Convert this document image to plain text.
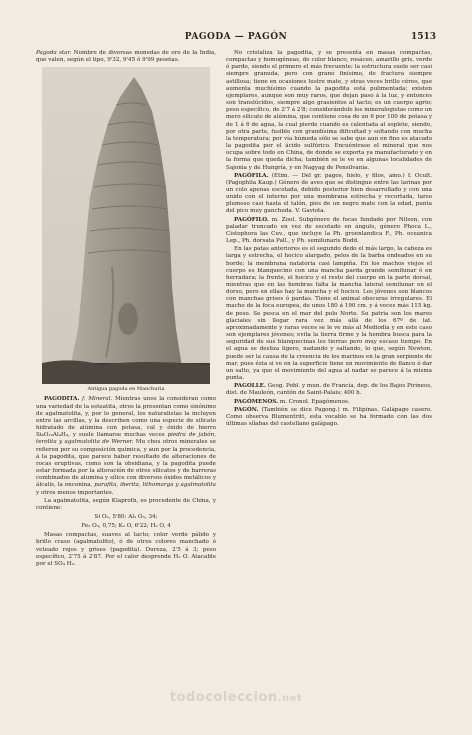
PAGODA — PAGÓN	1513

Pagoda star. Nombre de diversas monedas de oro de la India, que valen, según el tipo, 9'32, 9'45 ó 9'99 pesetas.

Antigua pagoda en Manchuria

PAGODITA. f. Mineral. Mientras unos la consideran como una variedad de la esteatita, otros la presentan como sinónimo de agalmatolita, y, por lo general, los naturalistas la incluyen entre las arcillas, y la describen como una especie de silicato hidratado de alúmina con potasa, cal y óxido de hierro Si₈O₂₂Al₄H₄, y suele llamarse muchas veces piedra de jabón, terolita y agalmatolita de Werner. Mu chos otros minerales se refieren por su composición química, y aun por la procedencia, á la pagodita, que parece haber resultado de alteraciones de rocas eruptivas, como son la obsidiana, y la pagodita puede estar formada por la alteración de otros silicatos y de barreras combinados de alumina y sílice con diversos óxidos metálicos y álcalis, la onconina, parafita, iberita, lithomarga y agalmatolita y otros menos importantes.

La agalmatolita, según Klaproth, es procedente de China, y contiene:

Si O₂, 5'80: Al₂ O₃, 34;
Fe₂ O₃, 0,75; K₂ O, 6'22; H₂ O, 4

Masas compactas, suaves al tacto; color verde pálido y brillo craso (agalmatolito), ó de otros colores manchado ó veteado rojos y grises (pagodita). Dureza, 2'5 á 3; peso específico, 2'75 á 2'87. Por el calor desprende H₂ O. Atacable por el SO₄ H₂.

No cristaliza la pagodita, y se presenta en masas compactas, compactas y homogéneas, de color blanco, rosáceo, amarillo gris, verde ó pardo, siendo el primero el más frecuente; la estructura suele ser casi siempre granuda, pero con grano finísimo, de fractura siempre astillosa; tiene en ocasiones lustre mate, y otras veces brillo céreo, que aumenta muchísimo cuando la pagodita está pulimentada; existen ejemplares, aunque son muy raros, que dejan paso á la luz, y entonces son translúcidos, siempre algo grasientos al tacto; es un cuerpo agrio; peso específico, de 2'7 á 2'8; considerándolo los mineralogistas como un mero silicato de alúmina, que contiene cosa de un 6 por 100 de potasa y de 1 á 6 de agua, la cual pierde cuando es calentada al soplete, siendo, por otra parte, fusible con grandísima dificultad y soltando con mucha la temperatura; por vía húmeda sólo se sabe que aun en fino es atacado la pagodita por el ácido sulfúrico. Encuéntrase el mineral que nos ocupa sobre todo en China, de donde se exporta ya manufacturado y en la forma que queda dicha; también se le ve en algunas localidades de Sajonia y de Hungría, y en Nagyag de Pensilvania.

PAGÓFILA. (Etim. — Del gr. pagos, hielo, y filos, amo.) f. Ocult. (Pagophila Kaup.) Género de aves que se distingue entre las larinas por un colo apenas escotada, debido posterior bien desarrollado y con una unido con el interno por una membrana estrecha y recortada, tarso plumoso casi hasta el talón, pies de un negro mate con la edad, punta del pico muy ganchuda. V. Gaviota.

PAGÓFILO. m. Zool. Subgénero de focas fundado por Nilson, con paladar truncado en vez de escotado en ángulo, género Phoca L., Cistophora las Cuv., que incluye la Ph. groenlandica F., Ph. oceanica Lep., Ph. dorsata Pall., y Ph. semilunaris Bodd.

En las patas anteriores es el segundo dedo el más largo, la cabeza es larga y estrecha, el hocico alargado, pelos de la barba ondeados en su borde; la membrana natatoria casi lampiña. En los machos viejos el cuerpo es blanquecino con una mancha parda grande semilunar ó en herradura; la frente, el hocico y el resto del cuerpo en la parte dorsal, mientras que en las hembras falta la mancha lateral semilunar en el dorso, pero en ellas hay la mancha y el hocico. Los jóvenes son blancos con manchas grises ó pardas. Tiene el animal obscuras irregulares. El macho de la foca europea, de unos 180 á 190 cm. y á veces más 115 kg. de peso. Se pesca en el mar del polo Norte. Su patria son los mares glaciales sin llegar rara vez más allá de los 67º de lat. aproximadamente y raras veces se le ve más al Mediodía y en este caso son ejemplares jóvenes; evita la tierra firme y la hembra busca para la seguridad de sus blanquecinas les tierras pero muy escaso tiempo. En el agua se desliza ligero, nadando y saltando, lo que, según Newton, puede ser la causa de la creencia de los marinos en la gran serpiente de mar, pues ésta si ve en la superficie tiene un movimiento de flanco ó dar un salto, ya que el movimiento del agua al nadar se parece á la misma punta.

PAGOLLE. Geog. Pobl. y mun. de Francia, dep. de los Bajos Pirineos, dist. de Mauleón, cantón de Saint-Palais; 400 h.

PAGÓMENOS. m. Cronol. Epagómenos.

PAGÓN. (También se dice Pagong.) m. Filipinas. Galápago casero. Como observa Blumentritt, esta vocablo se ha formado con las dos últimas sílabas del castellano galápago.

todocoleccion.net
